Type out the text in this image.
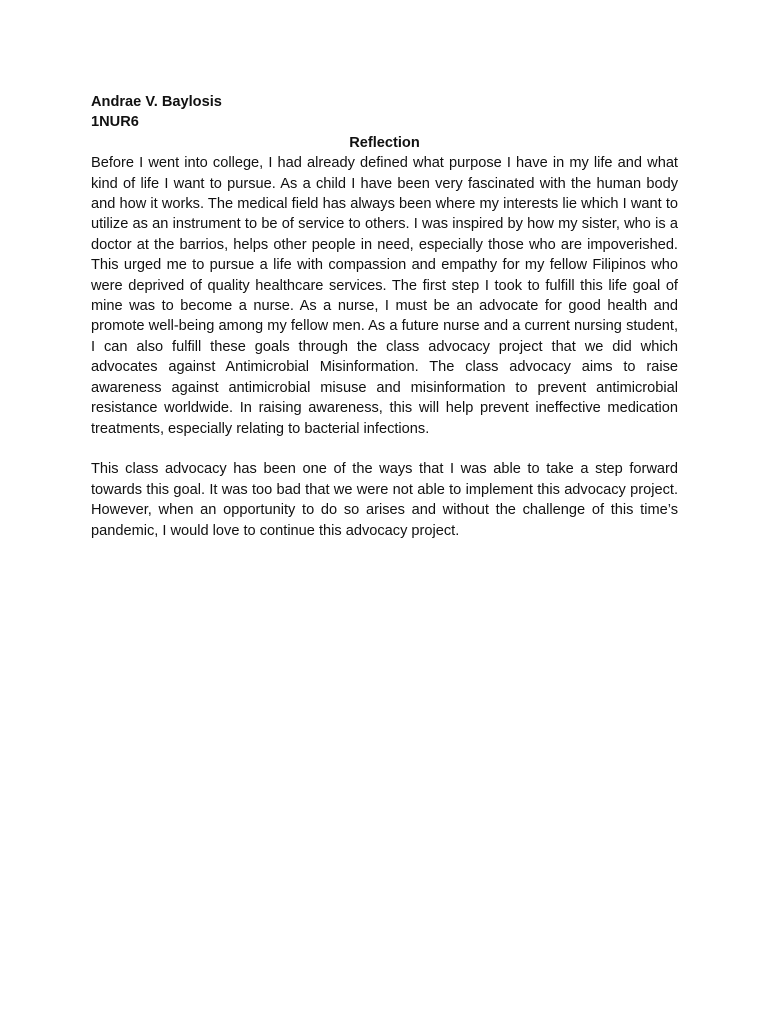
Andrae V. Baylosis

1NUR6

Reflection

Before I went into college, I had already defined what purpose I have in my life and what kind of life I want to pursue. As a child I have been very fascinated with the human body and how it works. The medical field has always been where my interests lie which I want to utilize as an instrument to be of service to others. I was inspired by how my sister, who is a doctor at the barrios, helps other people in need, especially those who are impoverished. This urged me to pursue a life with compassion and empathy for my fellow Filipinos who were deprived of quality healthcare services. The first step I took to fulfill this life goal of mine was to become a nurse. As a nurse, I must be an advocate for good health and promote well-being among my fellow men. As a future nurse and a current nursing student, I can also fulfill these goals through the class advocacy project that we did which advocates against Antimicrobial Misinformation. The class advocacy aims to raise awareness against antimicrobial misuse and misinformation to prevent antimicrobial resistance worldwide. In raising awareness, this will help prevent ineffective medication treatments, especially relating to bacterial infections.

This class advocacy has been one of the ways that I was able to take a step forward towards this goal. It was too bad that we were not able to implement this advocacy project. However, when an opportunity to do so arises and without the challenge of this time’s pandemic, I would love to continue this advocacy project.
